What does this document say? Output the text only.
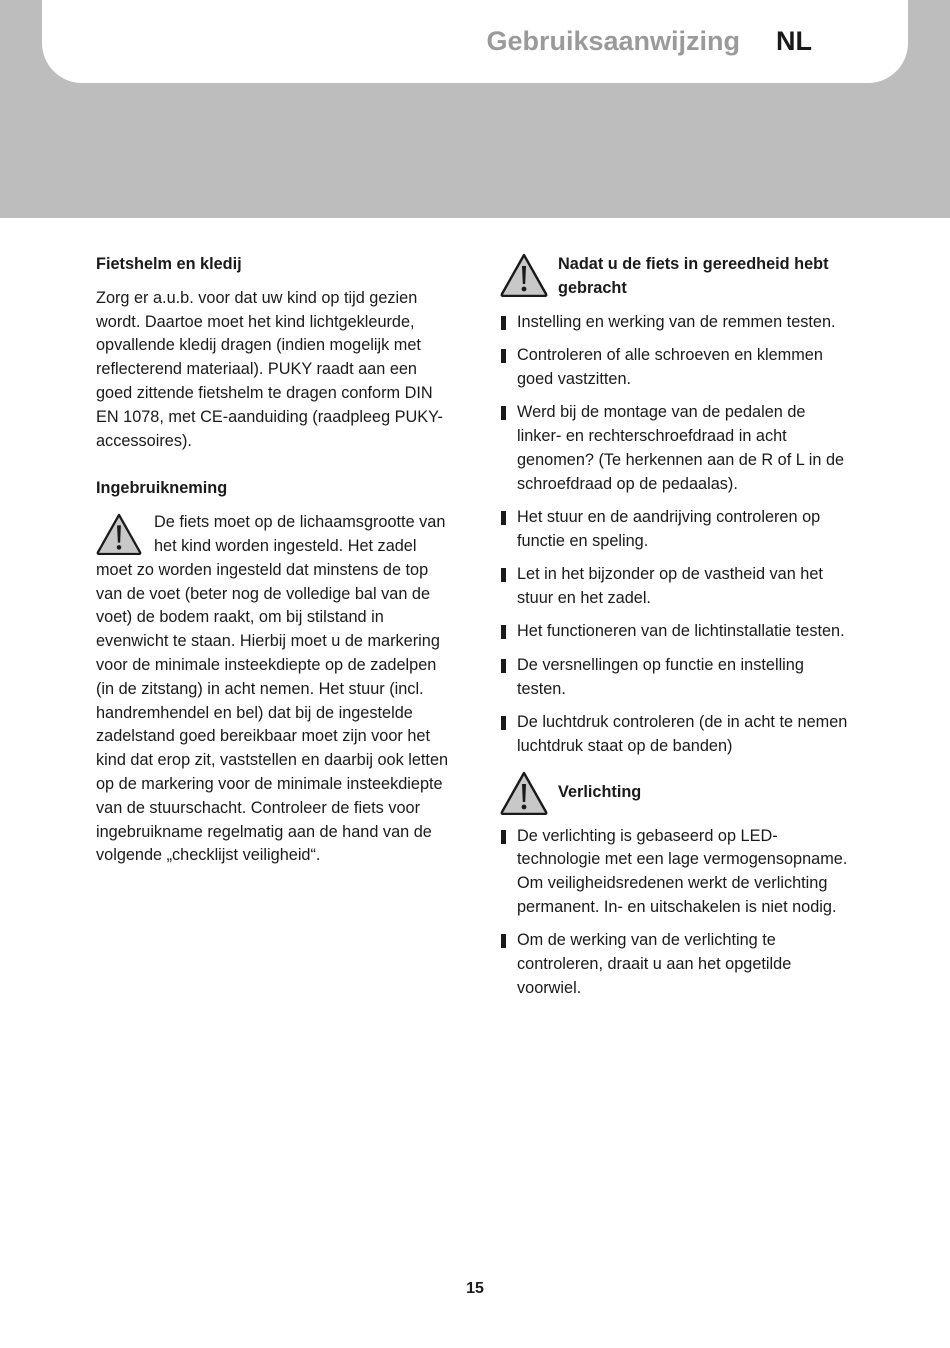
Gebruiksaanwijzing NL
Fietshelm en kledij
Zorg er a.u.b. voor dat uw kind op tijd gezien wordt. Daartoe moet het kind lichtgekleurde, opvallende kledij dragen (indien mogelijk met reflecterend materiaal). PUKY raadt aan een goed zittende fietshelm te dragen conform DIN EN 1078, met CE-aanduiding (raadpleeg PUKY-accessoires).
Ingebruikneming
De fiets moet op de lichaamsgrootte van het kind worden ingesteld. Het zadel moet zo worden ingesteld dat minstens de top van de voet (beter nog de volledige bal van de voet) de bodem raakt, om bij stilstand in evenwicht te staan. Hierbij moet u de markering voor de minimale insteekdiepte op de zadelpen (in de zitstang) in acht nemen. Het stuur (incl. handremhendel en bel) dat bij de ingestelde zadelstand goed bereikbaar moet zijn voor het kind dat erop zit, vaststellen en daarbij ook letten op de markering voor de minimale insteekdiepte van de stuurschacht. Controleer de fiets voor ingebruikname regelmatig aan de hand van de volgende „checklijst veiligheid“.
Nadat u de fiets in gereedheid hebt gebracht
Instelling en werking van de remmen testen.
Controleren of alle schroeven en klemmen goed vastzitten.
Werd bij de montage van de pedalen de linker- en rechterschroefdraad in acht genomen? (Te herkennen aan de R of L in de schroefdraad op de pedaalas).
Het stuur en de aandrijving controleren op functie en speling.
Let in het bijzonder op de vastheid van het stuur en het zadel.
Het functioneren van de lichtinstallatie testen.
De versnellingen op functie en instelling testen.
De luchtdruk controleren (de in acht te nemen luchtdruk staat op de banden)
Verlichting
De verlichting is gebaseerd op LED-technologie met een lage vermogensopname. Om veiligheidsredenen werkt de verlichting permanent. In- en uitschakelen is niet nodig.
Om de werking van de verlichting te controleren, draait u aan het opgetilde voorwiel.
15
